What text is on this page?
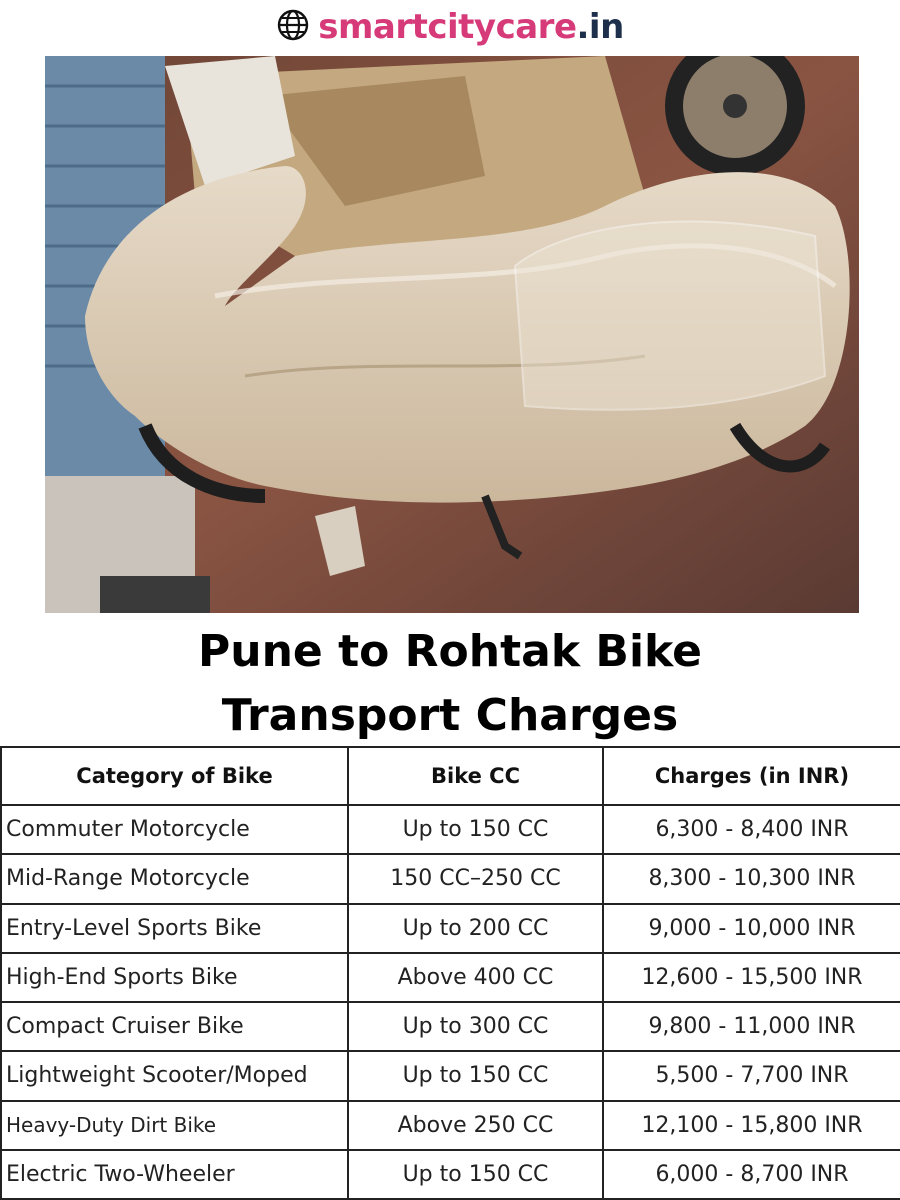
smartcitycare.in
Pune to Rohtak Bike
Transport Charges
Category of Bike	Bike CC	Charges (in INR)
Commuter Motorcycle	Up to 150 CC	6,300 - 8,400 INR
Mid-Range Motorcycle	150 CC–250 CC	8,300 - 10,300 INR
Entry-Level Sports Bike	Up to 200 CC	9,000 - 10,000 INR
High-End Sports Bike	Above 400 CC	12,600 - 15,500 INR
Compact Cruiser Bike	Up to 300 CC	9,800 - 11,000 INR
Lightweight Scooter/Moped	Up to 150 CC	5,500 - 7,700 INR
Heavy-Duty Dirt Bike	Above 250 CC	12,100 - 15,800 INR
Electric Two-Wheeler	Up to 150 CC	6,000 - 8,700 INR
